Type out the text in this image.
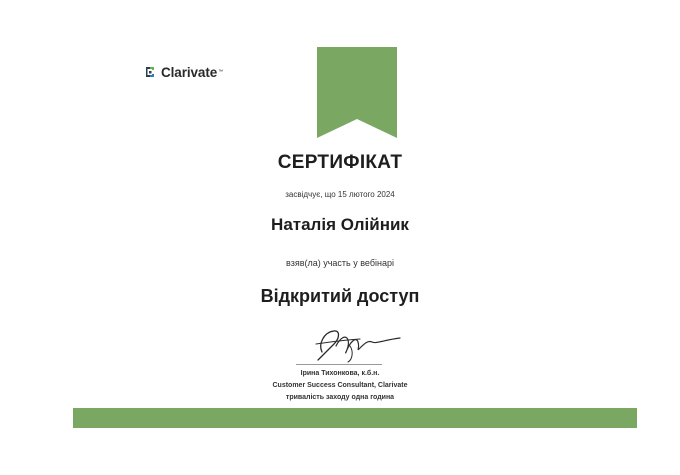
Clarivate ™
СЕРТИФІКАТ
засвідчує, що 15 лютого 2024
Наталія Олійник
взяв(ла) участь у вебінарі
Відкритий доступ
Ірина Тихонкова, к.б.н.
Customer Success Consultant, Clarivate
тривалість заходу одна година
